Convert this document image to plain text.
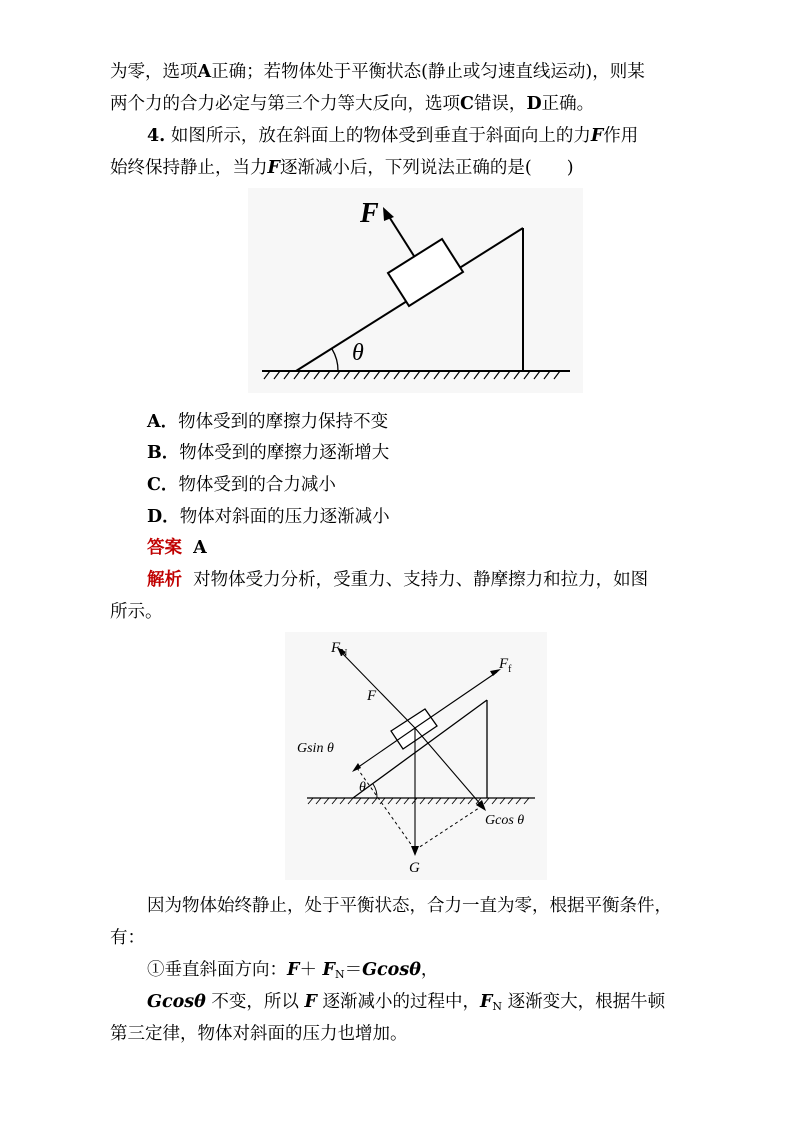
为零，选项A正确；若物体处于平衡状态(静止或匀速直线运动)，则某
两个力的合力必定与第三个力等大反向，选项C错误，D正确。
4. 如图所示，放在斜面上的物体受到垂直于斜面向上的力F作用
始终保持静止，当力F逐渐减小后，下列说法正确的是(　　)
θ
F
A．物体受到的摩擦力保持不变
B．物体受到的摩擦力逐渐增大
C．物体受到的合力减小
D．物体对斜面的压力逐渐减小
答案 A
解析 对物体受力分析，受重力、支持力、静摩擦力和拉力，如图
所示。
θ
$F_N$
$F_f$
F
G
Gcos θ
Gsin θ
因为物体始终静止，处于平衡状态，合力一直为零，根据平衡条件，
有：
①垂直斜面方向：$F+ F_N=Gcos\theta$，
Gcosθ 不变，所以 F 逐渐减小的过程中，$F_N$ 逐渐变大，根据牛顿
第三定律，物体对斜面的压力也增加。
